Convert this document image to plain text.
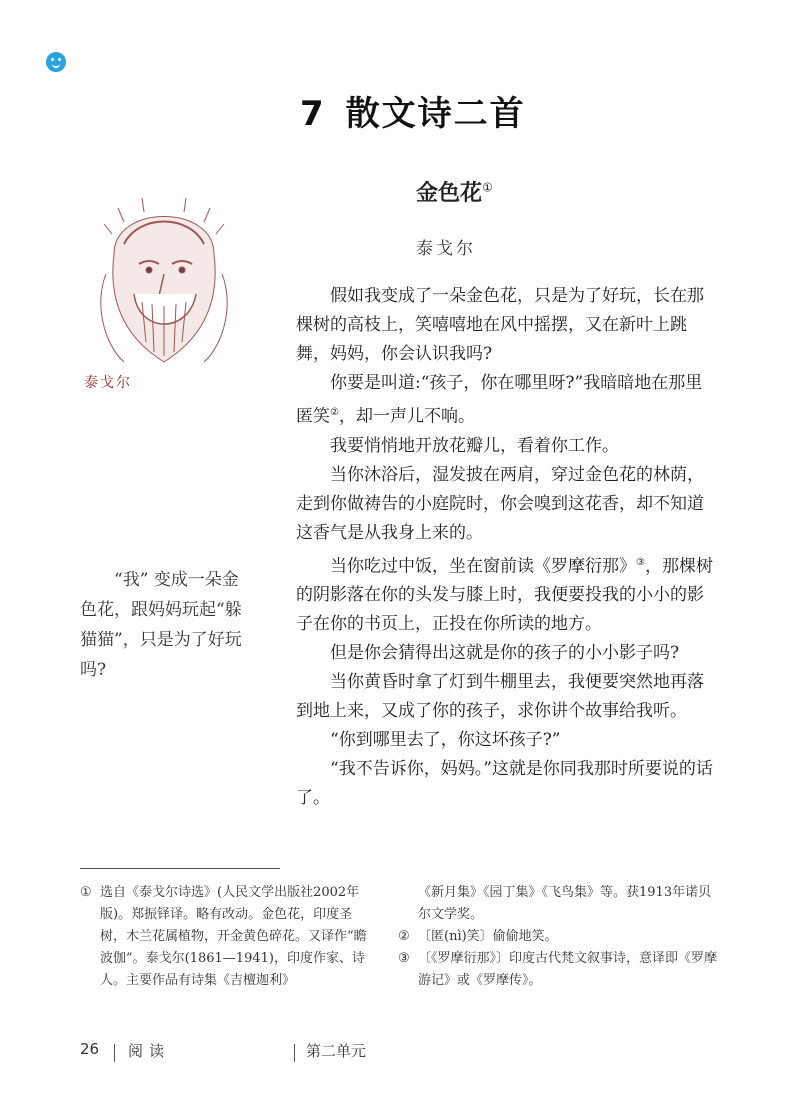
7 散文诗二首
金色花①
泰戈尔
泰戈尔

“我” 变成一朵金色花，跟妈妈玩起“躲猫猫”，只是为了好玩吗?

假如我变成了一朵金色花，只是为了好玩，长在那棵树的高枝上，笑嘻嘻地在风中摇摆，又在新叶上跳舞，妈妈，你会认识我吗?

你要是叫道:“孩子，你在哪里呀?”我暗暗地在那里匿笑②，却一声儿不响。

我要悄悄地开放花瓣儿，看着你工作。

当你沐浴后，湿发披在两肩，穿过金色花的林荫，走到你做祷告的小庭院时，你会嗅到这花香，却不知道这香气是从我身上来的。

当你吃过中饭，坐在窗前读《罗摩衍那》③，那棵树的阴影落在你的头发与膝上时，我便要投我的小小的影子在你的书页上，正投在你所读的地方。

但是你会猜得出这就是你的孩子的小小影子吗?

当你黄昏时拿了灯到牛棚里去，我便要突然地再落到地上来，又成了你的孩子，求你讲个故事给我听。

“你到哪里去了，你这坏孩子?”

“我不告诉你，妈妈。”这就是你同我那时所要说的话了。

① 选自《泰戈尔诗选》(人民文学出版社2002年版)。郑振铎译。略有改动。金色花，印度圣树，木兰花属植物，开金黄色碎花。又译作“瞻波伽”。泰戈尔(1861—1941)，印度作家、诗人。主要作品有诗集《吉檀迦利》

《新月集》《园丁集》《飞鸟集》等。获1913年诺贝尔文学奖。

② 〔匿(nì)笑〕偷偷地笑。
③ 〔《罗摩衍那》〕印度古代梵文叙事诗，意译即《罗摩游记》或《罗摩传》。
26 阅读	第二单元
